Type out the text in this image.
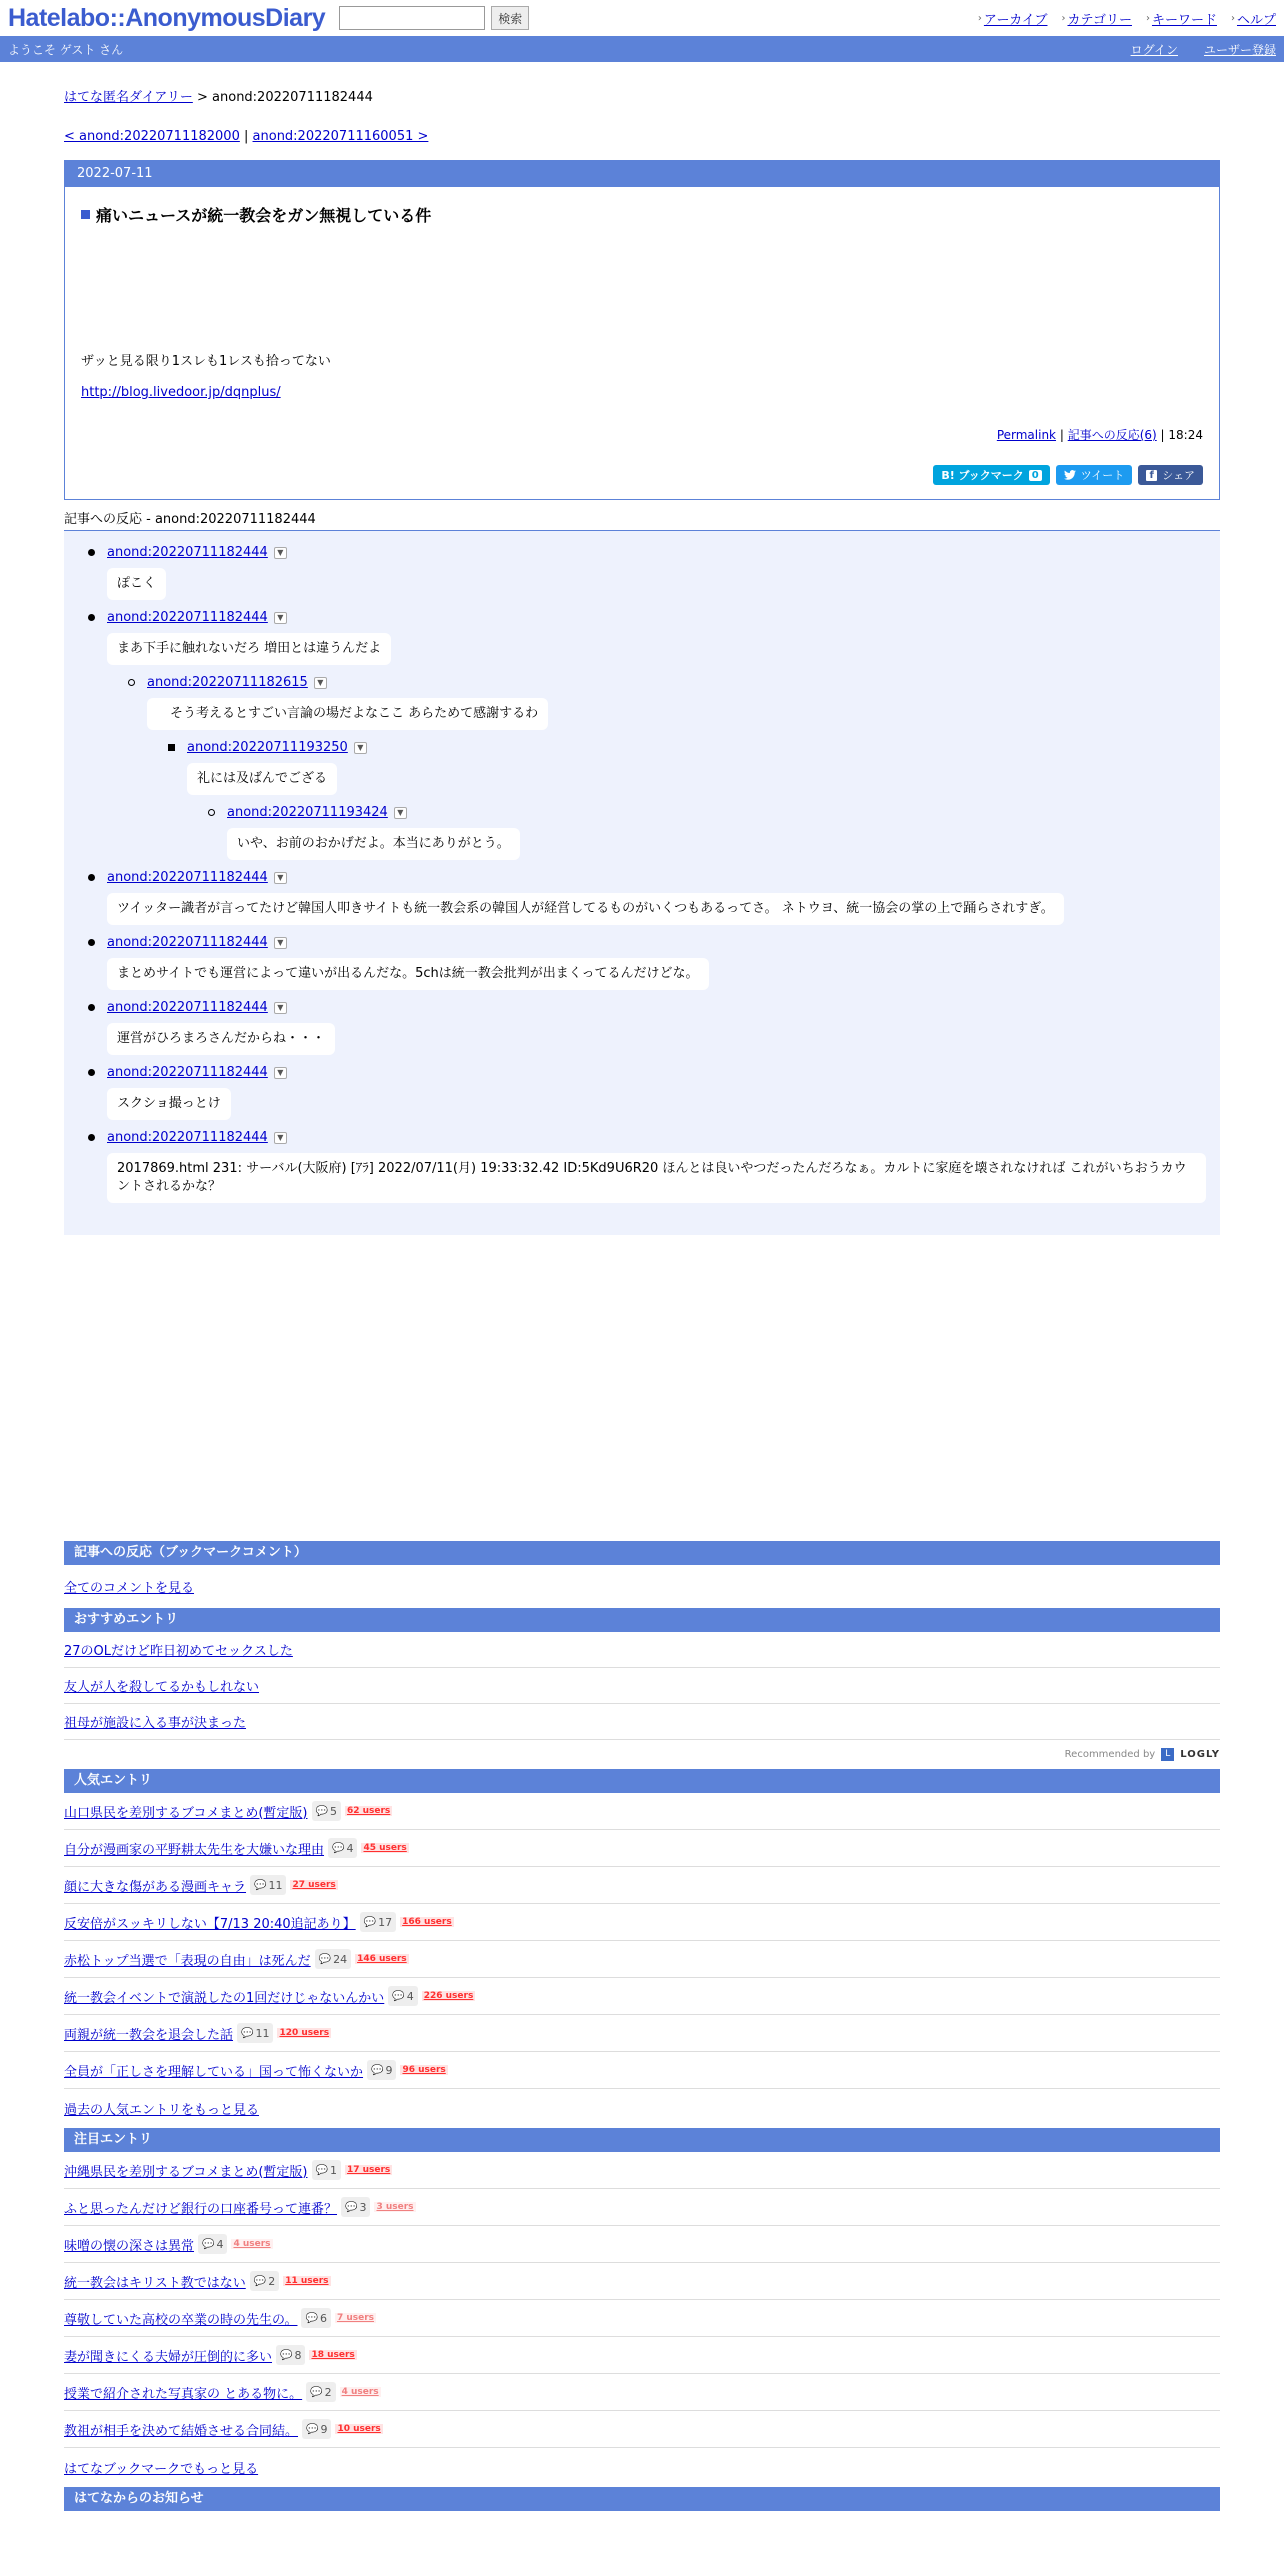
Hatelabo::AnonymousDiary	検索	› アーカイブ › カテゴリー › キーワード › ヘルプ
ようこそ ゲスト さん	ログイン ユーザー登録
はてな匿名ダイアリー > anond:20220711182444
< anond:20220711182000 | anond:20220711160051 >
2022-07-11
痛いニュースが統一教会をガン無視している件
ザッと見る限り1スレも1レスも拾ってない
http://blog.livedoor.jp/dqnplus/
Permalink | 記事への反応(6) | 18:24
B! ブックマーク 0	ツイート	f シェア
記事への反応 - anond:20220711182444
anond:20220711182444	▼
ぽこく
anond:20220711182444	▼
まあ下手に触れないだろ 増田とは違うんだよ
anond:20220711182615	▼
　そう考えるとすごい言論の場だよなここ あらためて感謝するわ
anond:20220711193250	▼
礼には及ばんでござる
anond:20220711193424	▼
いや、お前のおかげだよ。本当にありがとう。
anond:20220711182444	▼
ツイッター識者が言ってたけど韓国人叩きサイトも統一教会系の韓国人が経営してるものがいくつもあるってさ。 ネトウヨ、統一協会の掌の上で踊らされすぎ。
anond:20220711182444	▼
まとめサイトでも運営によって違いが出るんだな。5chは統一教会批判が出まくってるんだけどな。
anond:20220711182444	▼
運営がひろまろさんだからね・・・
anond:20220711182444	▼
スクショ撮っとけ
anond:20220711182444	▼
2017869.html 231: サーバル(大阪府) [ｱﾗ] 2022/07/11(月) 19:33:32.42 ID:5Kd9U6R20 ほんとは良いやつだったんだろなぁ。カルトに家庭を壊されなければ これがいちおうカウントされるかな？
記事への反応（ブックマークコメント）
全てのコメントを見る
おすすめエントリ
27のOLだけど昨日初めてセックスした
友人が人を殺してるかもしれない
祖母が施設に入る事が決まった
Recommended by	L	LOGLY
人気エントリ
山口県民を差別するブコメまとめ(暫定版) 💬 5 62 users
自分が漫画家の平野耕太先生を大嫌いな理由 💬 4 45 users
顔に大きな傷がある漫画キャラ 💬 11 27 users
反安倍がスッキリしない【7/13 20:40追記あり】 💬 17 166 users
赤松トップ当選で「表現の自由」は死んだ 💬 24 146 users
統一教会イベントで演説したの1回だけじゃないんかい 💬 4 226 users
両親が統一教会を退会した話 💬 11 120 users
全員が「正しさを理解している」国って怖くないか 💬 9 96 users
過去の人気エントリをもっと見る
注目エントリ
沖縄県民を差別するブコメまとめ(暫定版) 💬 1 17 users
ふと思ったんだけど銀行の口座番号って連番？ 💬 3 3 users
味噌の懐の深さは異常 💬 4 4 users
統一教会はキリスト教ではない 💬 2 11 users
尊敬していた高校の卒業の時の先生の。 💬 6 7 users
妻が聞きにくる夫婦が圧倒的に多い 💬 8 18 users
授業で紹介された写真家の とある物に。 💬 2 4 users
教祖が相手を決めて結婚させる合同結。 💬 9 10 users
はてなブックマークでもっと見る
はてなからのお知らせ
